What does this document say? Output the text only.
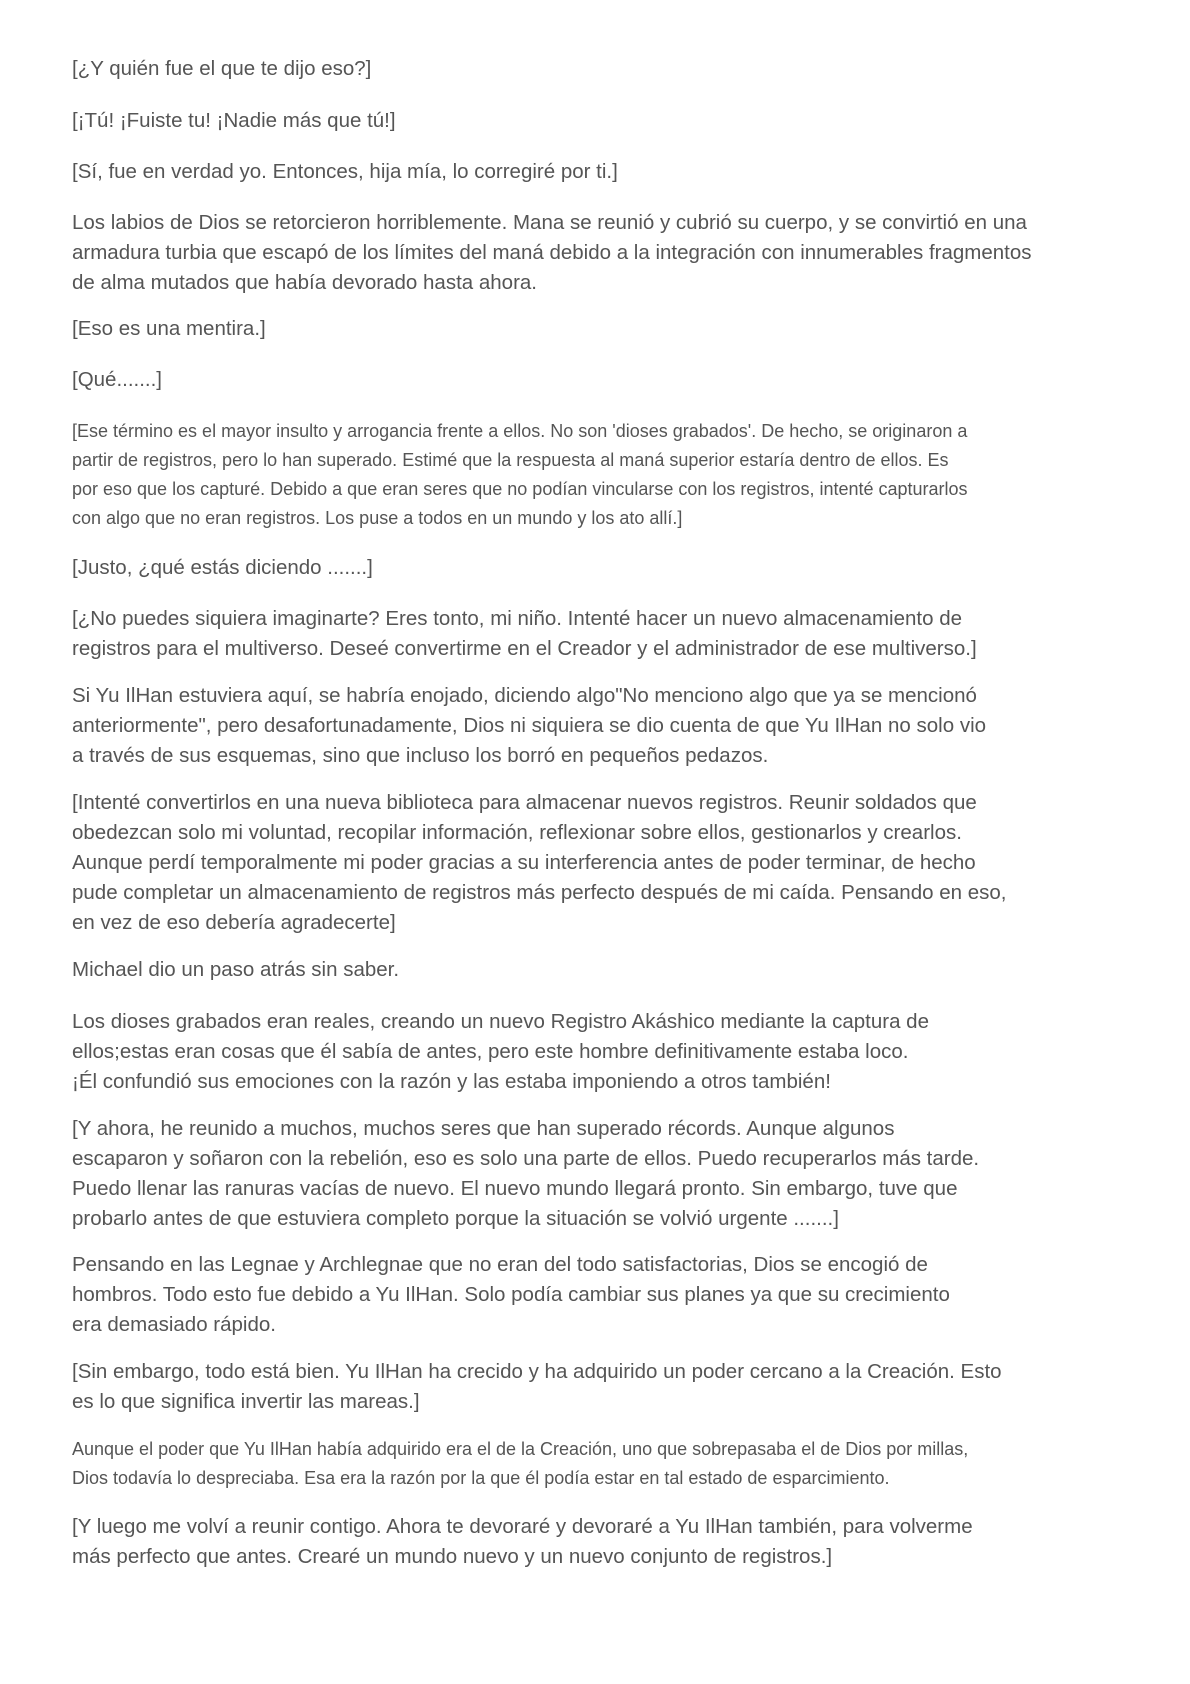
[¿Y quién fue el que te dijo eso?]

[¡Tú! ¡Fuiste tu! ¡Nadie más que tú!]

[Sí, fue en verdad yo. Entonces, hija mía, lo corregiré por ti.]

Los labios de Dios se retorcieron horriblemente. Mana se reunió y cubrió su cuerpo, y se convirtió en una
armadura turbia que escapó de los límites del maná debido a la integración con innumerables fragmentos
de alma mutados que había devorado hasta ahora.

[Eso es una mentira.]

[Qué.......]

[Ese término es el mayor insulto y arrogancia frente a ellos. No son 'dioses grabados'. De hecho, se originaron a
partir de registros, pero lo han superado. Estimé que la respuesta al maná superior estaría dentro de ellos. Es
por eso que los capturé. Debido a que eran seres que no podían vincularse con los registros, intenté capturarlos
con algo que no eran registros. Los puse a todos en un mundo y los ato allí.]

[Justo, ¿qué estás diciendo .......]

[¿No puedes siquiera imaginarte? Eres tonto, mi niño. Intenté hacer un nuevo almacenamiento de
registros para el multiverso. Deseé convertirme en el Creador y el administrador de ese multiverso.]

Si Yu IlHan estuviera aquí, se habría enojado, diciendo algo"No menciono algo que ya se mencionó
anteriormente", pero desafortunadamente, Dios ni siquiera se dio cuenta de que Yu IlHan no solo vio
a través de sus esquemas, sino que incluso los borró en pequeños pedazos.

[Intenté convertirlos en una nueva biblioteca para almacenar nuevos registros. Reunir soldados que
obedezcan solo mi voluntad, recopilar información, reflexionar sobre ellos, gestionarlos y crearlos.
Aunque perdí temporalmente mi poder gracias a su interferencia antes de poder terminar, de hecho
pude completar un almacenamiento de registros más perfecto después de mi caída. Pensando en eso,
en vez de eso debería agradecerte]

Michael dio un paso atrás sin saber.

Los dioses grabados eran reales, creando un nuevo Registro Akáshico mediante la captura de
ellos;estas eran cosas que él sabía de antes, pero este hombre definitivamente estaba loco.
¡Él confundió sus emociones con la razón y las estaba imponiendo a otros también!

[Y ahora, he reunido a muchos, muchos seres que han superado récords. Aunque algunos
escaparon y soñaron con la rebelión, eso es solo una parte de ellos. Puedo recuperarlos más tarde.
Puedo llenar las ranuras vacías de nuevo. El nuevo mundo llegará pronto. Sin embargo, tuve que
probarlo antes de que estuviera completo porque la situación se volvió urgente .......]

Pensando en las Legnae y Archlegnae que no eran del todo satisfactorias, Dios se encogió de
hombros. Todo esto fue debido a Yu IlHan. Solo podía cambiar sus planes ya que su crecimiento
era demasiado rápido.

[Sin embargo, todo está bien. Yu IlHan ha crecido y ha adquirido un poder cercano a la Creación. Esto
es lo que significa invertir las mareas.]

Aunque el poder que Yu IlHan había adquirido era el de la Creación, uno que sobrepasaba el de Dios por millas,
Dios todavía lo despreciaba. Esa era la razón por la que él podía estar en tal estado de esparcimiento.

[Y luego me volví a reunir contigo. Ahora te devoraré y devoraré a Yu IlHan también, para volverme
más perfecto que antes. Crearé un mundo nuevo y un nuevo conjunto de registros.]
